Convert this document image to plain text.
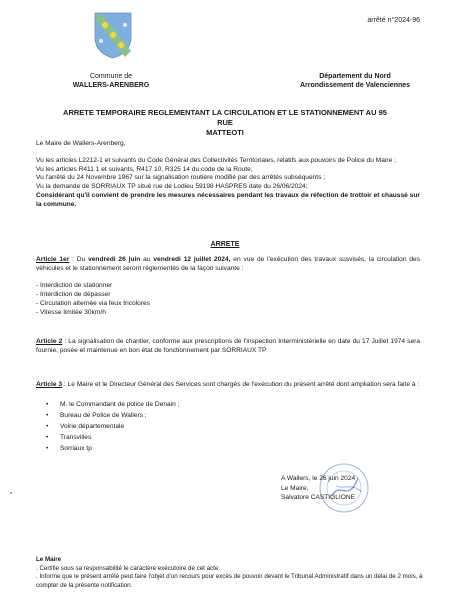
arrêté n°2024-96
Commune de
WALLERS-ARENBERG
Département du Nord
Arrondissement de Valenciennes
ARRETE TEMPORAIRE REGLEMENTANT LA CIRCULATION ET LE STATIONNEMENT AU 95 RUE
MATTEOTI
Le Maire de Wallers-Arenberg,

Vu les articles L2212-1 et suivants du Code Général des Collectivités Territoriales, relatifs aux pouvoirs de Police du Maire ;

Vu les articles R411 1 et suivants, R417 10, R325 14 du code de la Route,

Vu l'arrêté du 24 Novembre 1967 sur la signalisation routière modifié par des arrêtés subséquents ;

Vu la demande de SORRIAUX TP situé rue de Lodieu 59198 HASPRES date du 26/06/2024;

Considérant qu'il convient de prendre les mesures nécessaires pendant les travaux de réfection de trottoir et chaussé sur la commune.

ARRETE
Article 1er : Du vendredi 26 juin au vendredi 12 juillet 2024, en vue de l'exécution des travaux susvisés, la circulation des véhicules et le stationnement seront réglementés de la façon suivante :
- Interdiction de stationner
- Interdiction de dépasser
- Circulation alternée via feux tricolores
- Vitesse limitée 30km/h
Article 2 : La signalisation de chantier, conforme aux prescriptions de l'inspection Interministérielle en date du 17 Juillet 1974 sera fournie, posée et maintenue en bon état de fonctionnement par SORRIAUX TP
Article 3 : Le Maire et le Directeur Général des Services sont chargés de l'exécution du présent arrêté dont ampliation sera faite à :
• M. le Commandant de police de Denain ;
• Bureau de Police de Wallers ;
• Voirie départementale
• Transvilles
• Sorriaux tp
A Wallers, le 26 juin 2024
Le Maire,
Salvatore CASTIGLIONE

Le Maire

. Certifie sous sa responsabilité le caractère exécutoire de cet acte.

. Informe que le présent arrêté peut faire l'objet d'un recours pour excès de pouvoir devant le Tribunal Administratif dans un délai de 2 mois, à compter de la présente notification.
